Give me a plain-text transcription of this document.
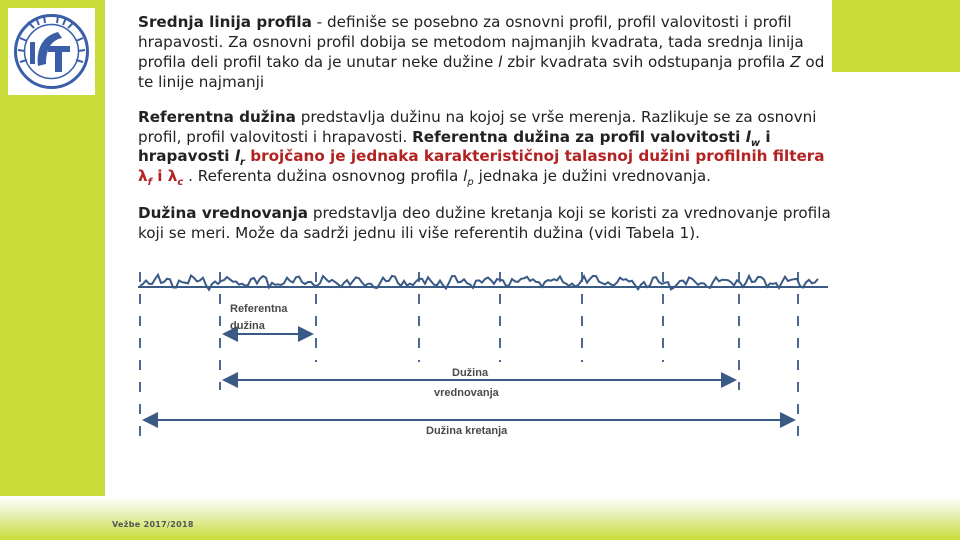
Srednja linija profila - definiše se posebno za osnovni profil, profil valovitosti i profil hrapavosti. Za osnovni profil dobija se metodom najmanjih kvadrata, tada srednja linija profila deli profil tako da je unutar neke dužine l zbir kvadrata svih odstupanja profila Z od te linije najmanji
Referentna dužina predstavlja dužinu na kojoj se vrše merenja. Razlikuje se za osnovni profil, profil valovitosti i hrapavosti. Referentna dužina za profil valovitosti $l_w$ i hrapavosti $l_r$ brojčano je jednaka karakterističnoj talasnoj dužini profilnih filtera $\lambda_f$ i $\lambda_c$ . Referenta dužina osnovnog profila $l_p$ jednaka je dužini vrednovanja.
Dužina vrednovanja predstavlja deo dužine kretanja koji se koristi za vrednovanje profila koji se meri. Može da sadrži jednu ili više referentih dužina (vidi Tabela 1).
Referentna
dužina
Dužina
vrednovanja
Dužina kretanja
Vežbe 2017/2018
